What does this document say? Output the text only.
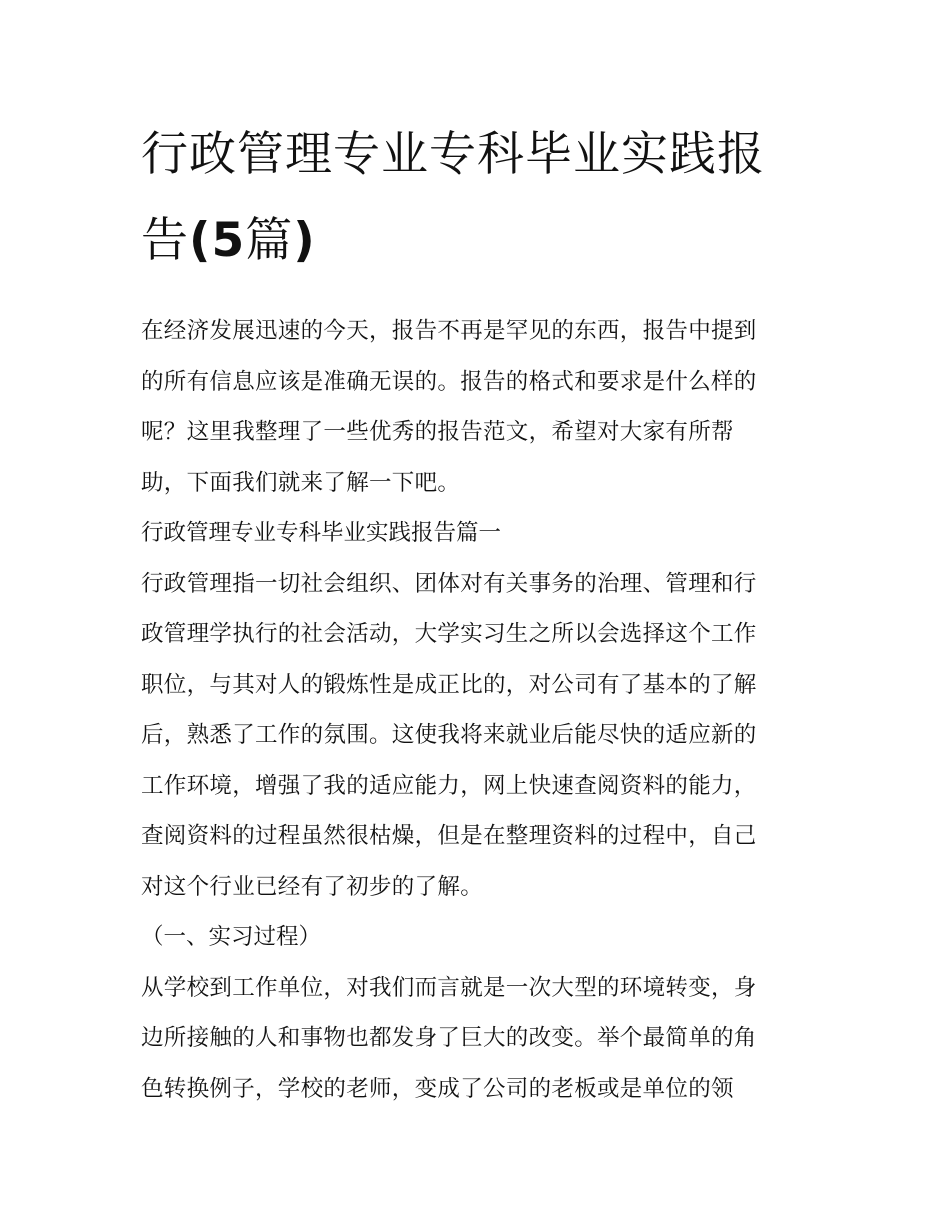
行政管理专业专科毕业实践报
告(5篇)

在经济发展迅速的今天，报告不再是罕见的东西，报告中提到

的所有信息应该是准确无误的。报告的格式和要求是什么样的

呢？这里我整理了一些优秀的报告范文，希望对大家有所帮

助，下面我们就来了解一下吧。

行政管理专业专科毕业实践报告篇一

行政管理指一切社会组织、团体对有关事务的治理、管理和行

政管理学执行的社会活动，大学实习生之所以会选择这个工作

职位，与其对人的锻炼性是成正比的，对公司有了基本的了解

后，熟悉了工作的氛围。这使我将来就业后能尽快的适应新的

工作环境，增强了我的适应能力，网上快速查阅资料的能力，

查阅资料的过程虽然很枯燥，但是在整理资料的过程中，自己

对这个行业已经有了初步的了解。

（一、实习过程）

从学校到工作单位，对我们而言就是一次大型的环境转变，身

边所接触的人和事物也都发身了巨大的改变。举个最简单的角

色转换例子，学校的老师，变成了公司的老板或是单位的领
